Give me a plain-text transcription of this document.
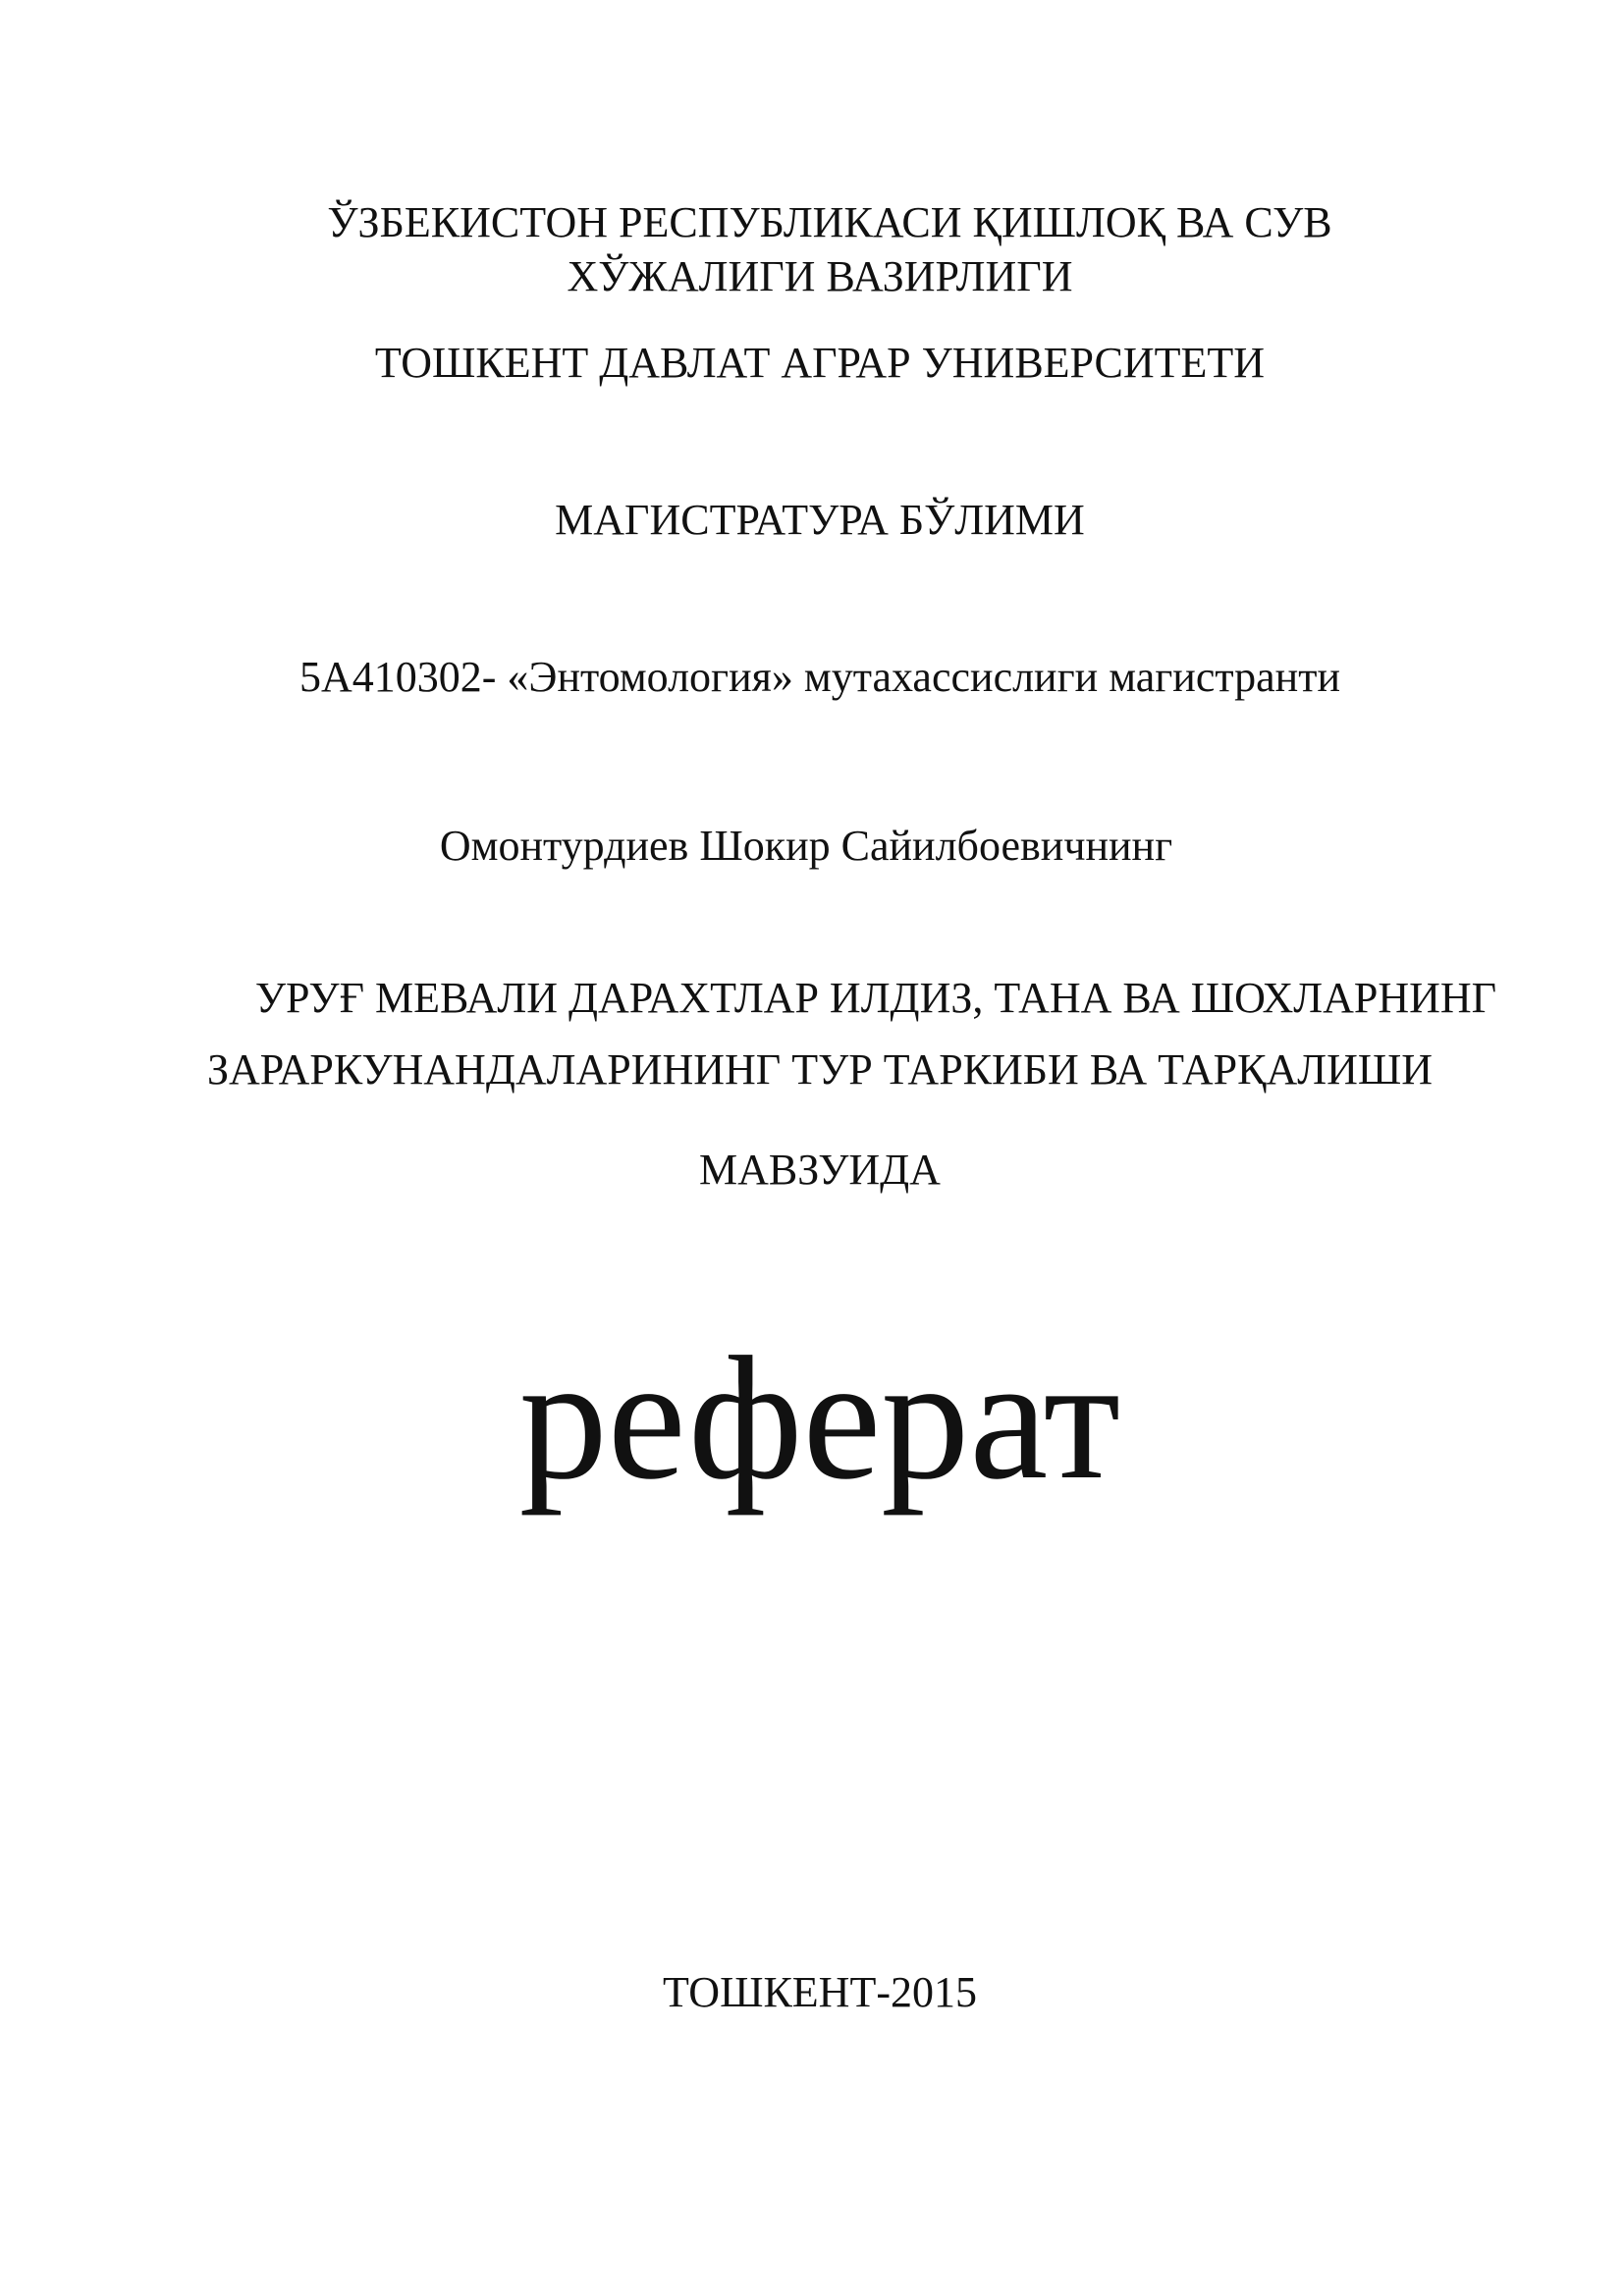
ЎЗБЕКИСТОН РЕСПУБЛИКАСИ ҚИШЛОҚ ВА СУВ
ХЎЖАЛИГИ ВАЗИРЛИГИ
ТОШКЕНТ ДАВЛАТ АГРАР УНИВЕРСИТЕТИ
МАГИСТРАТУРА БЎЛИМИ
5А410302- «Энтомология» мутахассислиги магистранти
Омонтурдиев Шокир Сайилбоевичнинг
УРУҒ МЕВАЛИ ДАРАХТЛАР ИЛДИЗ, ТАНА ВА ШОХЛАРНИНГ
ЗАРАРКУНАНДАЛАРИНИНГ ТУР ТАРКИБИ ВА ТАРҚАЛИШИ
МАВЗУИДА
реферат
ТОШКЕНТ-2015
